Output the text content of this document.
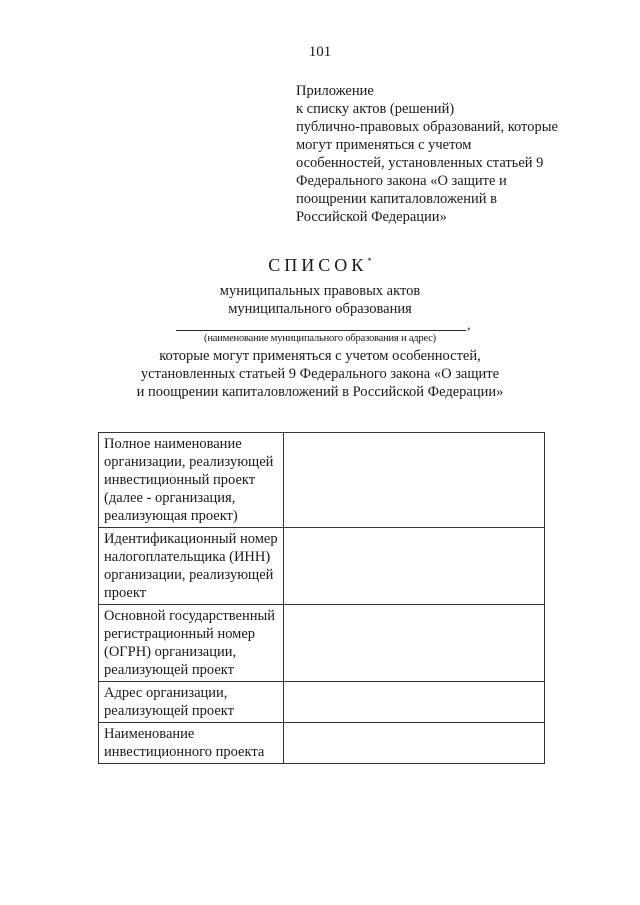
101
Приложение
к списку актов (решений)
публично-правовых образований, которые
могут применяться с учетом
особенностей, установленных статьей 9
Федерального закона «О защите и
поощрении капиталовложений в
Российской Федерации»
СПИСОК*
муниципальных правовых актов
муниципального образования
,
(наименование муниципального образования и адрес)
которые могут применяться с учетом особенностей,
установленных статьей 9 Федерального закона «О защите
и поощрении капиталовложений в Российской Федерации»
Полное наименование
организации, реализующей
инвестиционный проект
(далее - организация,
реализующая проект)	

Идентификационный номер
налогоплательщика (ИНН)
организации, реализующей
проект	

Основной государственный
регистрационный номер
(ОГРН) организации,
реализующей проект	

Адрес организации,
реализующей проект	

Наименование
инвестиционного проекта	
